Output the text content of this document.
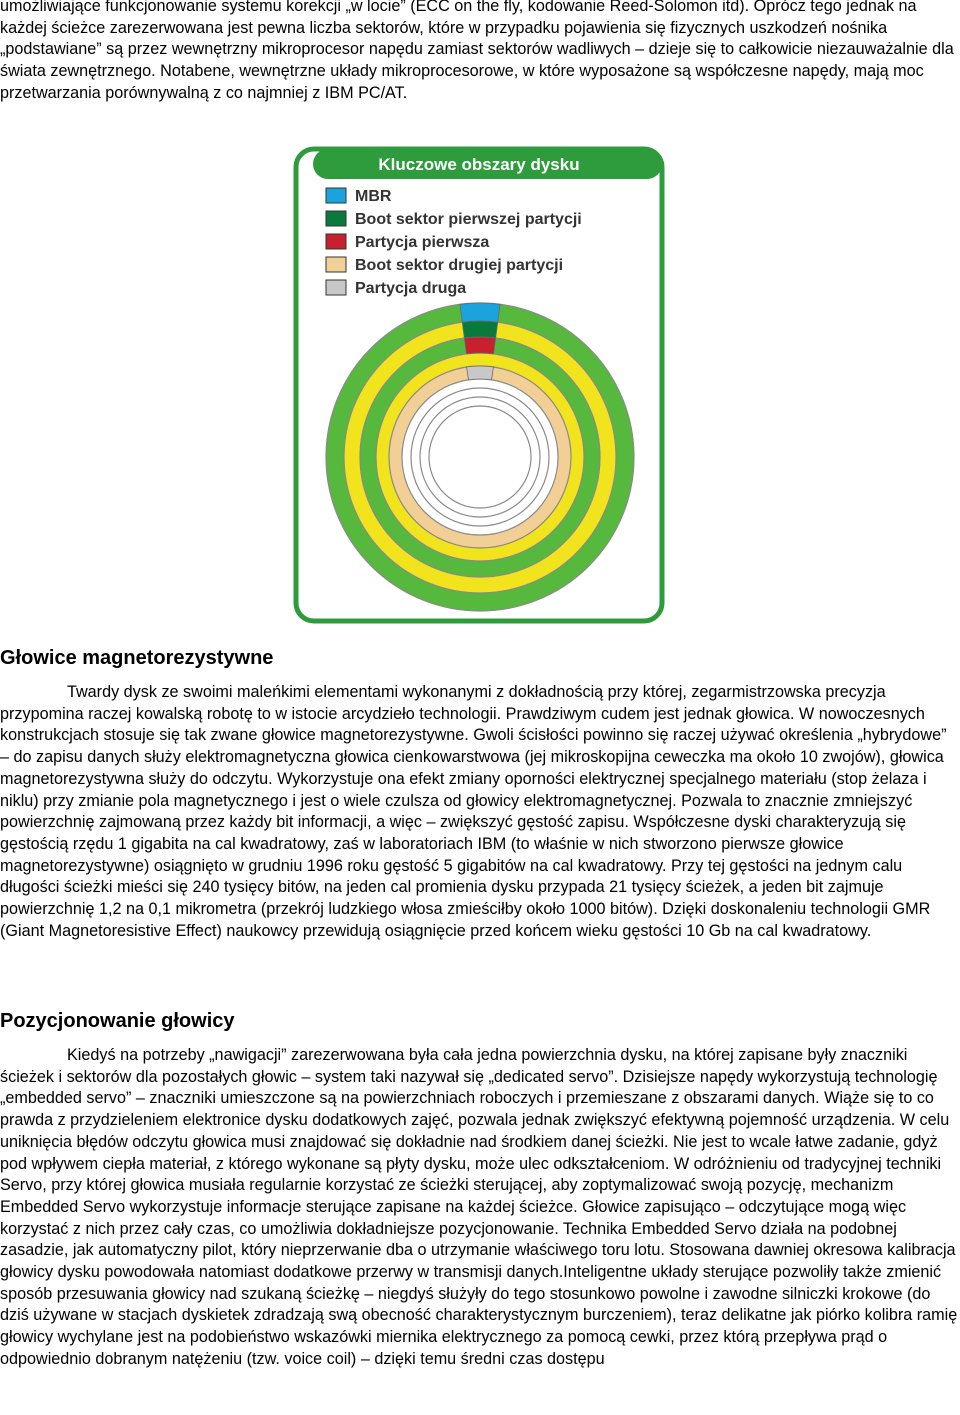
umożliwiające funkcjonowanie systemu korekcji „w locie” (ECC on the fly, kodowanie Reed-Solomon itd). Oprócz tego jednak na każdej ścieżce zarezerwowana jest pewna liczba sektorów, które w przypadku pojawienia się fizycznych uszkodzeń nośnika „podstawiane” są przez wewnętrzny mikroprocesor napędu zamiast sektorów wadliwych – dzieje się to całkowicie niezauważalnie dla świata zewnętrznego. Notabene, wewnętrzne układy mikroprocesorowe, w które wyposażone są współczesne napędy, mają moc przetwarzania porównywalną z co najmniej z IBM PC/AT.

Kluczowe obszary dysku
MBR
Boot sektor pierwszej partycji
Partycja pierwsza
Boot sektor drugiej partycji
Partycja druga
Głowice magnetorezystywne

Twardy dysk ze swoimi maleńkimi elementami wykonanymi z dokładnością przy której, zegarmistrzowska precyzja przypomina raczej kowalską robotę to w istocie arcydzieło technologii. Prawdziwym cudem jest jednak głowica. W nowoczesnych konstrukcjach stosuje się tak zwane głowice magnetorezystywne. Gwoli ścisłości powinno się raczej używać określenia „hybrydowe” – do zapisu danych służy elektromagnetyczna głowica cienkowarstwowa (jej mikroskopijna ceweczka ma około 10 zwojów), głowica magnetorezystywna służy do odczytu. Wykorzystuje ona efekt zmiany oporności elektrycznej specjalnego materiału (stop żelaza i niklu) przy zmianie pola magnetycznego i jest o wiele czulsza od głowicy elektromagnetycznej. Pozwala to znacznie zmniejszyć powierzchnię zajmowaną przez każdy bit informacji, a więc – zwiększyć gęstość zapisu. Współczesne dyski charakteryzują się gęstością rzędu 1 gigabita na cal kwadratowy, zaś w laboratoriach IBM (to właśnie w nich stworzono pierwsze głowice magnetorezystywne) osiągnięto w grudniu 1996 roku gęstość 5 gigabitów na cal kwadratowy. Przy tej gęstości na jednym calu długości ścieżki mieści się 240 tysięcy bitów, na jeden cal promienia dysku przypada 21 tysięcy ścieżek, a jeden bit zajmuje powierzchnię 1,2 na 0,1 mikrometra (przekrój ludzkiego włosa zmieściłby około 1000 bitów). Dzięki doskonaleniu technologii GMR (Giant Magnetoresistive Effect) naukowcy przewidują osiągnięcie przed końcem wieku gęstości 10 Gb na cal kwadratowy.

Pozycjonowanie głowicy

Kiedyś na potrzeby „nawigacji” zarezerwowana była cała jedna powierzchnia dysku, na której zapisane były znaczniki ścieżek i sektorów dla pozostałych głowic – system taki nazywał się „dedicated servo”. Dzisiejsze napędy wykorzystują technologię „embedded servo” – znaczniki umieszczone są na powierzchniach roboczych i przemieszane z obszarami danych. Wiąże się to co prawda z przydzieleniem elektronice dysku dodatkowych zajęć, pozwala jednak zwiększyć efektywną pojemność urządzenia. W celu uniknięcia błędów odczytu głowica musi znajdować się dokładnie nad środkiem danej ścieżki. Nie jest to wcale łatwe zadanie, gdyż pod wpływem ciepła materiał, z którego wykonane są płyty dysku, może ulec odkształceniom. W odróżnieniu od tradycyjnej techniki Servo, przy której głowica musiała regularnie korzystać ze ścieżki sterującej, aby zoptymalizować swoją pozycję, mechanizm Embedded Servo wykorzystuje informacje sterujące zapisane na każdej ścieżce. Głowice zapisująco – odczytujące mogą więc korzystać z nich przez cały czas, co umożliwia dokładniejsze pozycjonowanie. Technika Embedded Servo działa na podobnej zasadzie, jak automatyczny pilot, który nieprzerwanie dba o utrzymanie właściwego toru lotu. Stosowana dawniej okresowa kalibracja głowicy dysku powodowała natomiast dodatkowe przerwy w transmisji danych.Inteligentne układy sterujące pozwoliły także zmienić sposób przesuwania głowicy nad szukaną ścieżkę – niegdyś służyły do tego stosunkowo powolne i zawodne silniczki krokowe (do dziś używane w stacjach dyskietek zdradzają swą obecność charakterystycznym burczeniem), teraz delikatne jak piórko kolibra ramię głowicy wychylane jest na podobieństwo wskazówki miernika elektrycznego za pomocą cewki, przez którą przepływa prąd o odpowiednio dobranym natężeniu (tzw. voice coil) – dzięki temu średni czas dostępu
